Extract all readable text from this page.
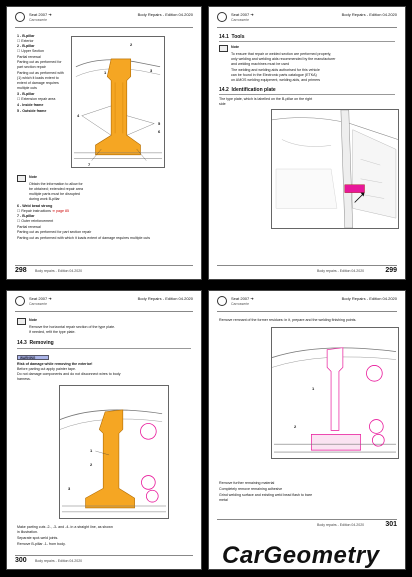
Seat 2007 ➔
Carrosserie
Body Repairs - Edition 04.2020
1 - B-pillar
☐ Exterior
2 - B-pillar
☐ Upper Section
Partial renewal
Parting cut as performed for
part section repair
Parting cut as performed with
(1) which it loads extent to
extent of damage requires
multiple cuts
3 - B-pillar
☐ Extension repair area
4 - Inside frame
5 - Outside frame
2
1	3
4
5
6
7
Note
Obtain the information to allow for
be obtained; extended repair area
multiple parts must be disrupted
during work B-pillar
6 - Weld bead strong
☐ Repair instructions ➔ page 85
7 - B-pillar
☐ Outer reinforcement
Partial renewal
Parting cut as performed for part section repair
Parting cut as performed with which it loads extent of damage requires multiple cuts
298 Body repairs - Edition 04.2020
Seat 2007 ➔
Carrosserie
Body Repairs - Edition 04.2020
14.1 Tools
Note
To ensure that repair or welded section are performed properly,
only welding and welding aids recommended by the manufacturer
and welding machines must be used
The welding and welding aids authorised for this vehicle
can be found in the Electronic parts catalogue (ETKA)
on AMOS welding equipment, welding aids, and primers
14.2 Identification plate
The type plate, which is labelled on the B-pillar on the right
side
Body repairs - Edition 04.2020	299
Seat 2007 ➔
Carrosserie
Body Repairs - Edition 04.2020
Note
Remove the horizontal repair section of the type plate.
If needed, refit the type plate.
14.3 Removing
WARNING
Risk of damage while removing the exterior!
Before parting cut apply painter tape.
Do not damage components and do not disconnect wires to body
harness.
1
2
3
Make parting cuts -2-, -3- and -4- in a straight line, as shown
in illustration.
Separate spot-weld joints.
Remove B-pillar -1- from body.
300 Body repairs - Edition 04.2020
Seat 2007 ➔
Carrosserie
Body Repairs - Edition 04.2020
Remove remnant of the former residues: in it, prepare and the welding finishing points.
1
2
Remove further remaining material
Completely remove remaining adhesive
Grind welding surface and existing weld bead flash to bare
metal
Body repairs - Edition 04.2020	301
CarGeometry
